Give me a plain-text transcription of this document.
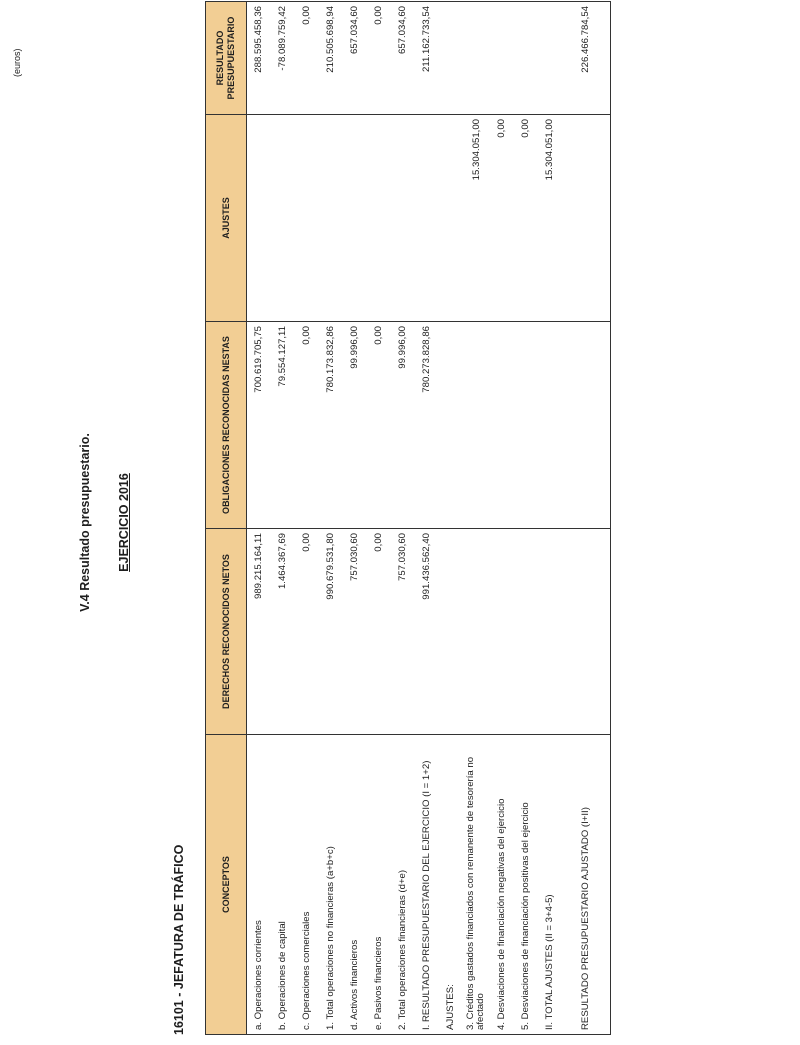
V.4 Resultado presupuestario. EJERCICIO 2016
16101 - JEFATURA DE TRÁFICO
(euros)
CONCEPTOS	DERECHOS RECONOCIDOS NETOS	OBLIGACIONES RECONOCIDAS NESTAS	AJUSTES	RESULTADO PRESUPUESTARIO
a. Operaciones corrientes	989.215.164,11	700.619.705,75		288.595.458,36
b. Operaciones de capital	1.464.367,69	79.554.127,11		-78.089.759,42
c. Operaciones comerciales	0,00	0,00		0,00
1. Total operaciones no financieras (a+b+c)	990.679.531,80	780.173.832,86		210.505.698,94
d. Activos financieros	757.030,60	99.996,00		657.034,60
e. Pasivos financieros	0,00	0,00		0,00
2. Total operaciones financieras (d+e)	757.030,60	99.996,00		657.034,60
I. RESULTADO PRESUPUESTARIO DEL EJERCICIO (I = 1+2)	991.436.562,40	780.273.828,86		211.162.733,54
AJUSTES:				

3. Créditos gastados financiados con remanente de tesorería no afectado			15.304.051,00	
4. Desviaciones de financiación negativas del ejercicio			0,00	
5. Desviaciones de financiación positivas del ejercicio			0,00	
II. TOTAL AJUSTES (II = 3+4-5)			15.304.051,00	
RESULTADO PRESUPUESTARIO AJUSTADO (I+II)				226.466.784,54
